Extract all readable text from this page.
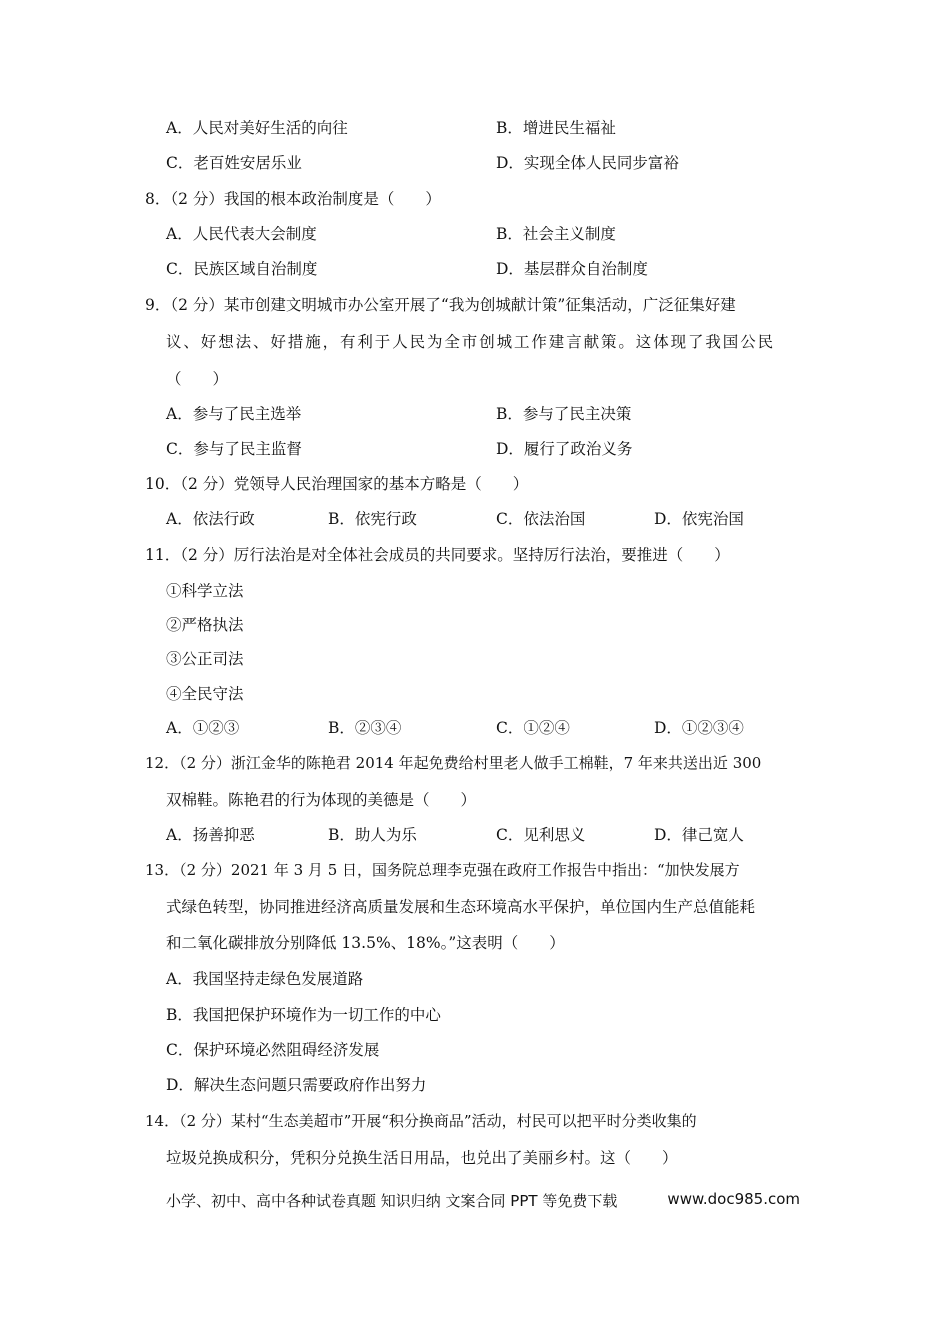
A．人民对美好生活的向往	B．增进民生福祉
C．老百姓安居乐业	D．实现全体人民同步富裕
8．（2 分）我国的根本政治制度是（　　）
A．人民代表大会制度	B．社会主义制度
C．民族区域自治制度	D．基层群众自治制度
9．（2 分）某市创建文明城市办公室开展了“我为创城献计策”征集活动，广泛征集好建
议、好想法、好措施，有利于人民为全市创城工作建言献策。这体现了我国公民
（　　）
A．参与了民主选举	B．参与了民主决策
C．参与了民主监督	D．履行了政治义务
10．（2 分）党领导人民治理国家的基本方略是（　　）
A．依法行政	B．依宪行政	C．依法治国	D．依宪治国
11．（2 分）厉行法治是对全体社会成员的共同要求。坚持厉行法治，要推进（　　）
①科学立法
②严格执法
③公正司法
④全民守法
A．①②③	B．②③④	C．①②④	D．①②③④
12．（2 分）浙江金华的陈艳君 2014 年起免费给村里老人做手工棉鞋，7 年来共送出近 300
双棉鞋。陈艳君的行为体现的美德是（　　）
A．扬善抑恶	B．助人为乐	C．见利思义	D．律己宽人
13．（2 分）2021 年 3 月 5 日，国务院总理李克强在政府工作报告中指出：“加快发展方
式绿色转型，协同推进经济高质量发展和生态环境高水平保护，单位国内生产总值能耗
和二氧化碳排放分别降低 13.5%、18%。”这表明（　　）
A．我国坚持走绿色发展道路
B．我国把保护环境作为一切工作的中心
C．保护环境必然阻碍经济发展
D．解决生态问题只需要政府作出努力
14．（2 分）某村“生态美超市”开展“积分换商品”活动，村民可以把平时分类收集的
垃圾兑换成积分，凭积分兑换生活日用品，也兑出了美丽乡村。这（　　）
小学、初中、高中各种试卷真题 知识归纳 文案合同 PPT 等免费下载	www.doc985.com
